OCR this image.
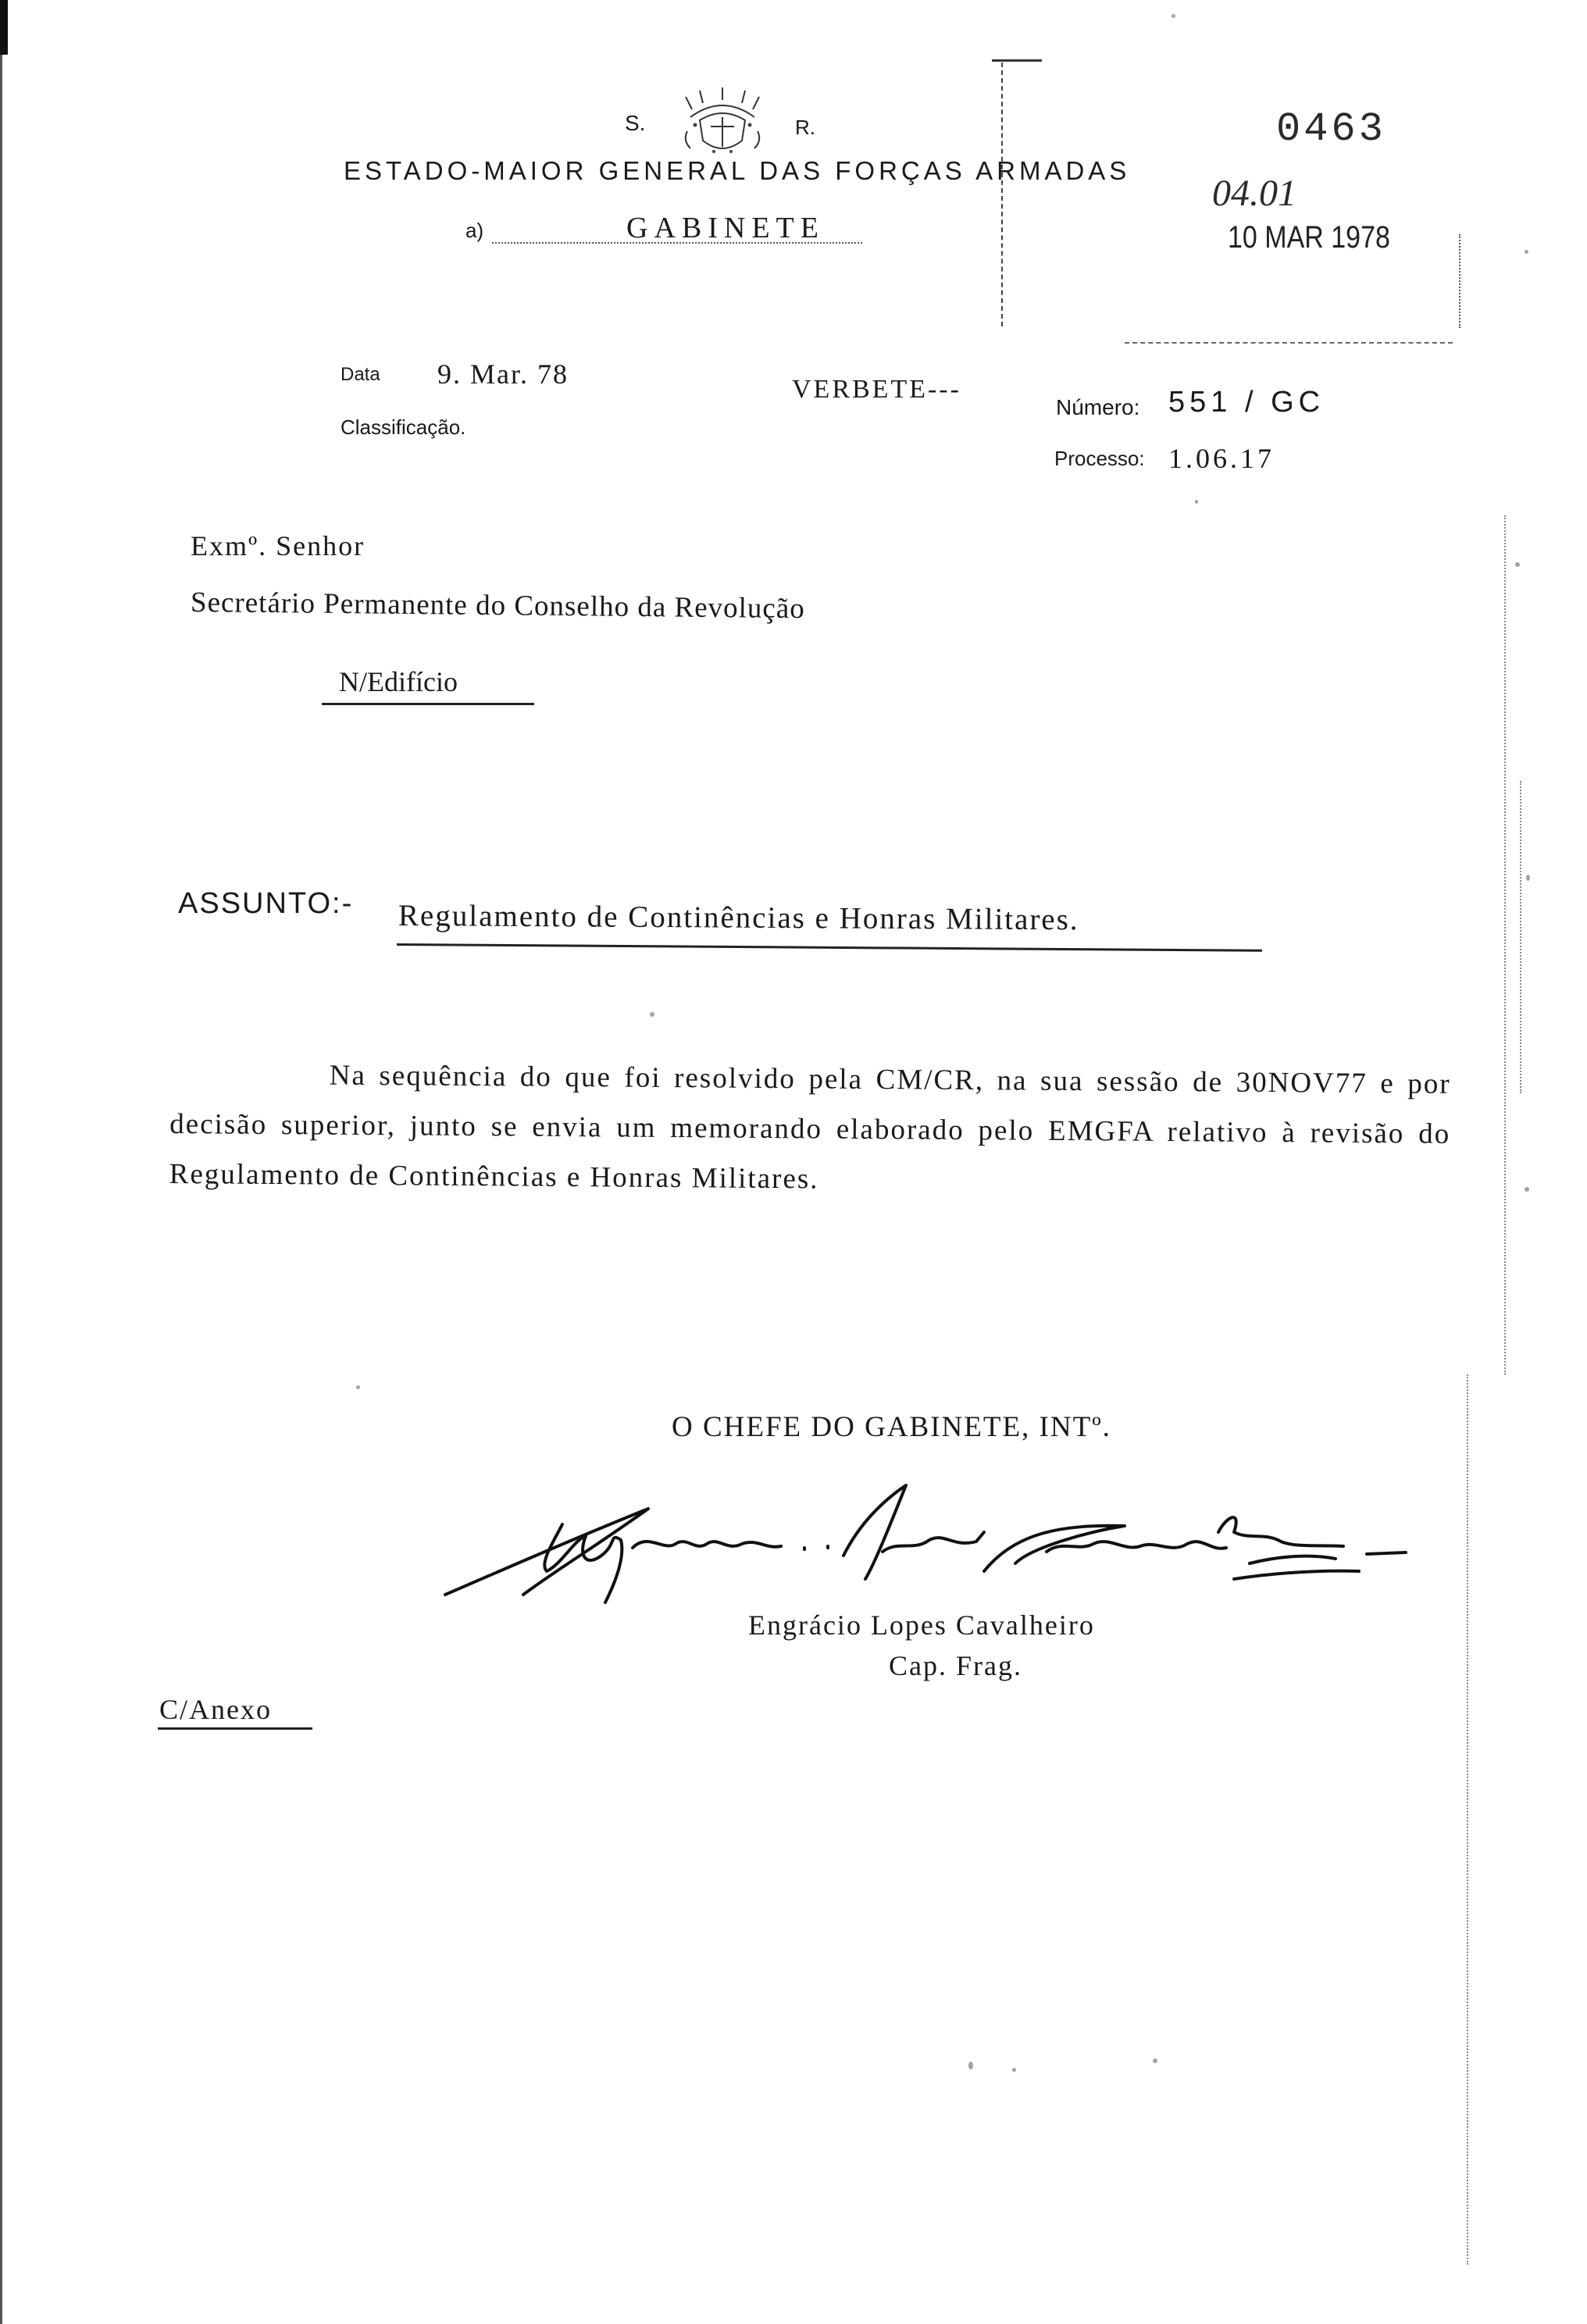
S.	R.
ESTADO-MAIOR GENERAL DAS FORÇAS ARMADAS
a)	GABINETE
0463
04.01
10 MAR 1978
Data 9. Mar. 78
Classificação.
VERBETE---
Número: 551 / GC
Processo: 1.06.17
Exmº. Senhor
Secretário Permanente do Conselho da Revolução
N/Edifício
ASSUNTO:- Regulamento de Continências e Honras Militares.

Na sequência do que foi resolvido pela CM/CR, na sua sessão de 30NOV77 e por decisão superior, junto se envia um memorando elaborado pelo EMGFA relativo à revisão do Regulamento de Continências e Honras Militares.

O CHEFE DO GABINETE, INTº.
Engrácio Lopes Cavalheiro
Cap. Frag.
C/Anexo
